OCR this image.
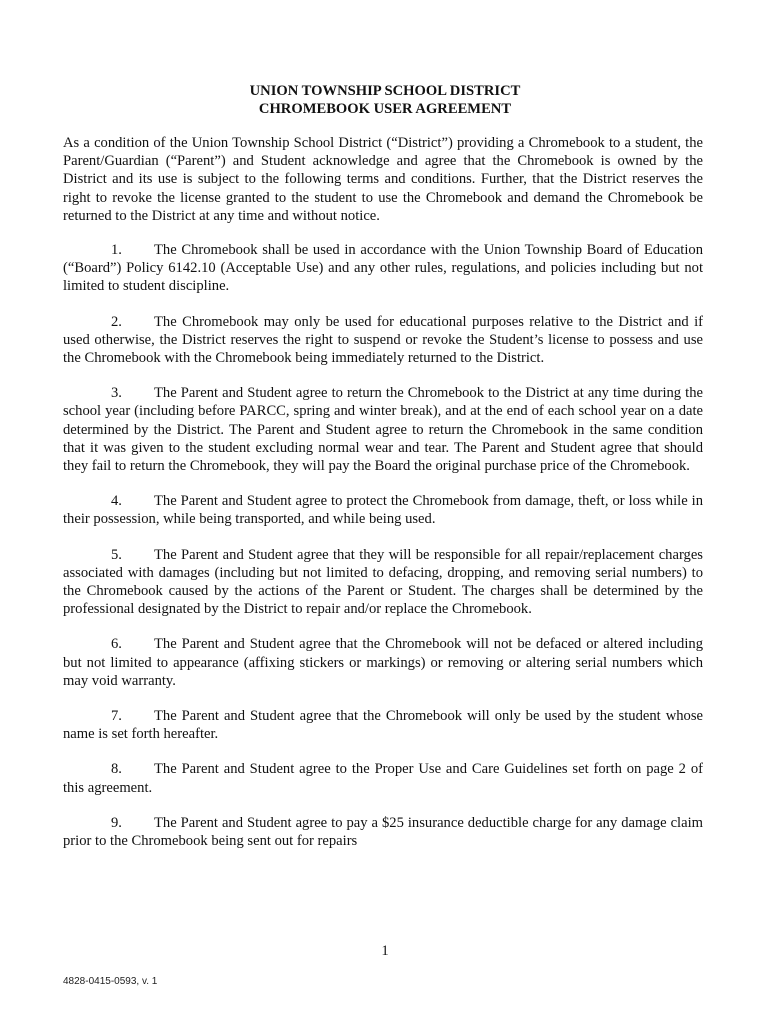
UNION TOWNSHIP SCHOOL DISTRICT
CHROMEBOOK USER AGREEMENT

As a condition of the Union Township School District (“District”) providing a Chromebook to a student, the Parent/Guardian (“Parent”) and Student acknowledge and agree that the Chromebook is owned by the District and its use is subject to the following terms and conditions. Further, that the District reserves the right to revoke the license granted to the student to use the Chromebook and demand the Chromebook be returned to the District at any time and without notice.

1. The Chromebook shall be used in accordance with the Union Township Board of Education (“Board”) Policy 6142.10 (Acceptable Use) and any other rules, regulations, and policies including but not limited to student discipline.

2. The Chromebook may only be used for educational purposes relative to the District and if used otherwise, the District reserves the right to suspend or revoke the Student’s license to possess and use the Chromebook with the Chromebook being immediately returned to the District.

3. The Parent and Student agree to return the Chromebook to the District at any time during the school year (including before PARCC, spring and winter break), and at the end of each school year on a date determined by the District. The Parent and Student agree to return the Chromebook in the same condition that it was given to the student excluding normal wear and tear. The Parent and Student agree that should they fail to return the Chromebook, they will pay the Board the original purchase price of the Chromebook.

4. The Parent and Student agree to protect the Chromebook from damage, theft, or loss while in their possession, while being transported, and while being used.

5. The Parent and Student agree that they will be responsible for all repair/replacement charges associated with damages (including but not limited to defacing, dropping, and removing serial numbers) to the Chromebook caused by the actions of the Parent or Student. The charges shall be determined by the professional designated by the District to repair and/or replace the Chromebook.

6. The Parent and Student agree that the Chromebook will not be defaced or altered including but not limited to appearance (affixing stickers or markings) or removing or altering serial numbers which may void warranty.

7. The Parent and Student agree that the Chromebook will only be used by the student whose name is set forth hereafter.

8. The Parent and Student agree to the Proper Use and Care Guidelines set forth on page 2 of this agreement.

9. The Parent and Student agree to pay a $25 insurance deductible charge for any damage claim prior to the Chromebook being sent out for repairs

1
4828-0415-0593, v. 1
